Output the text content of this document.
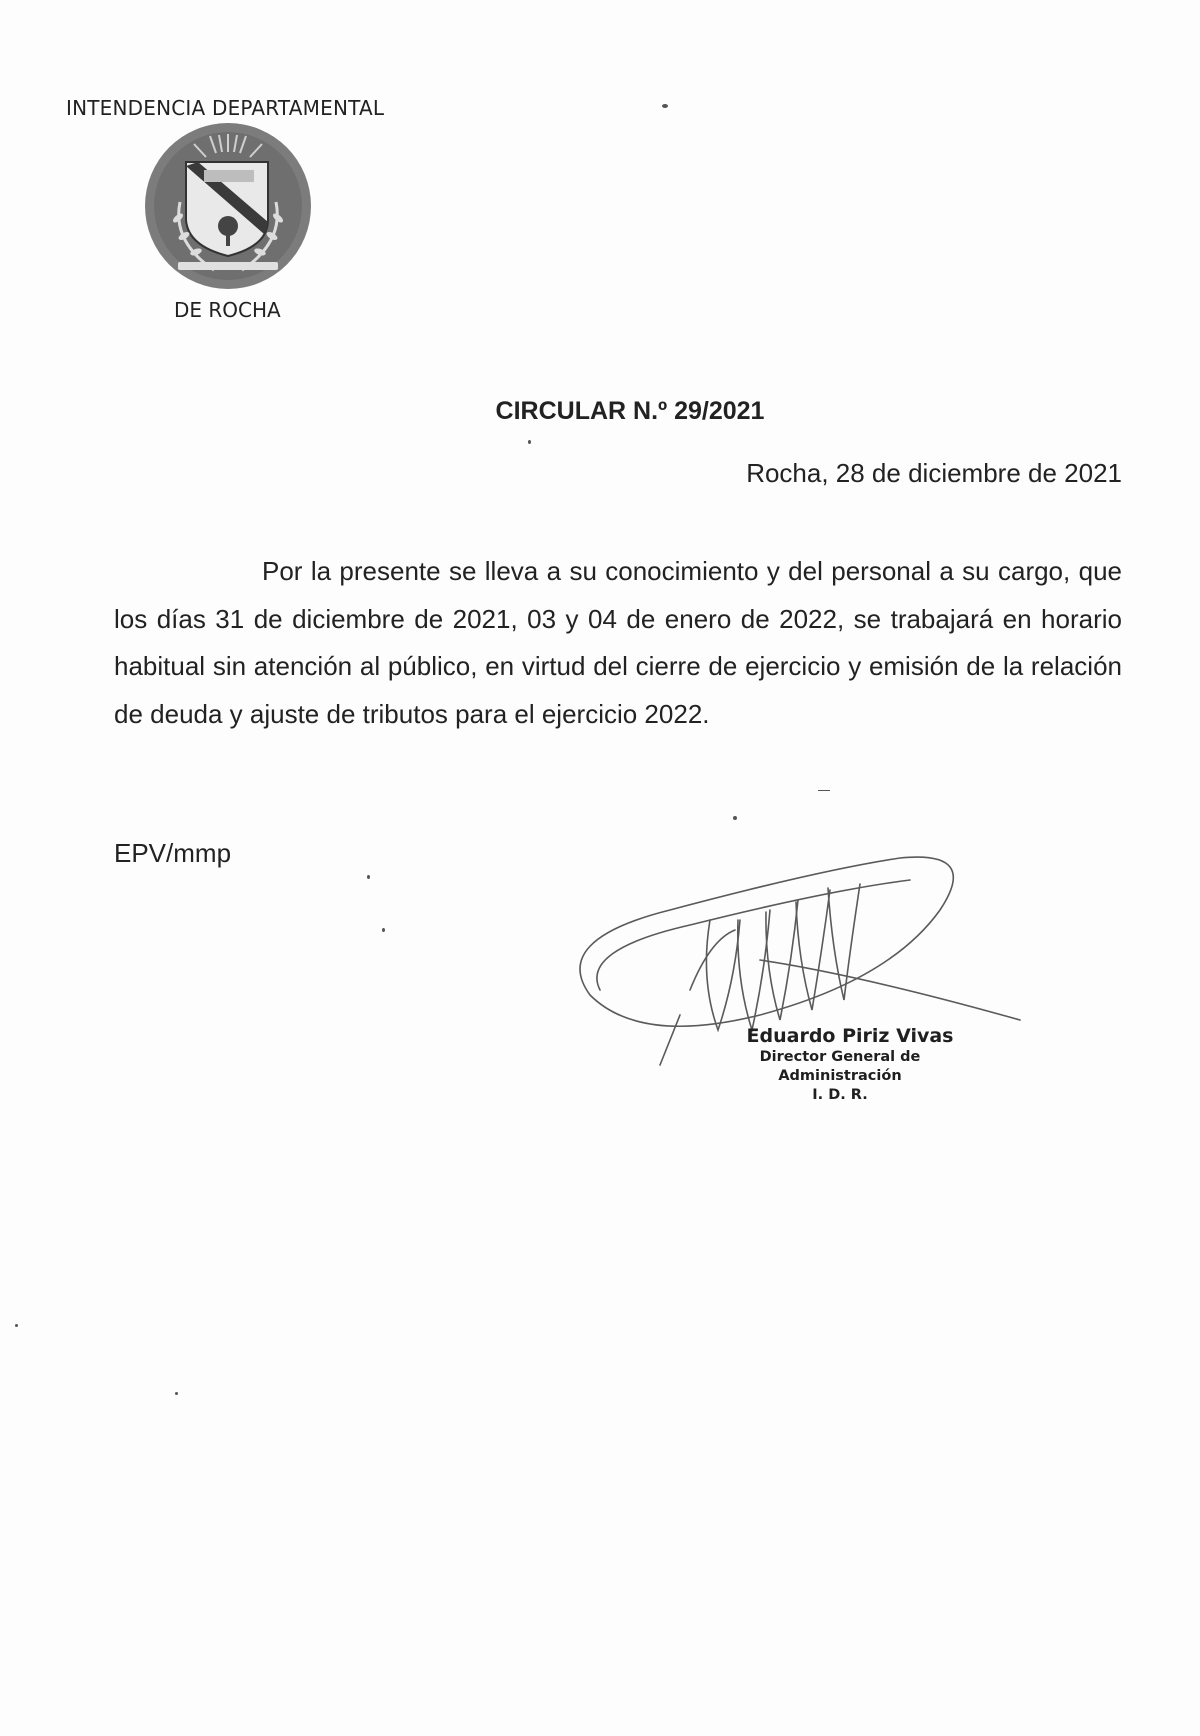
INTENDENCIA DEPARTAMENTAL
DE ROCHA
CIRCULAR N.º 29/2021
Rocha, 28 de diciembre de 2021
Por la presente se lleva a su conocimiento y del personal a su cargo, que los días 31 de diciembre de 2021, 03 y 04 de enero de 2022, se trabajará en horario habitual sin atención al público, en virtud del cierre de ejercicio y emisión de la relación de deuda y ajuste de tributos para el ejercicio 2022.
EPV/mmp
Eduardo Piriz Vivas
Director General de
Administración
I. D. R.
